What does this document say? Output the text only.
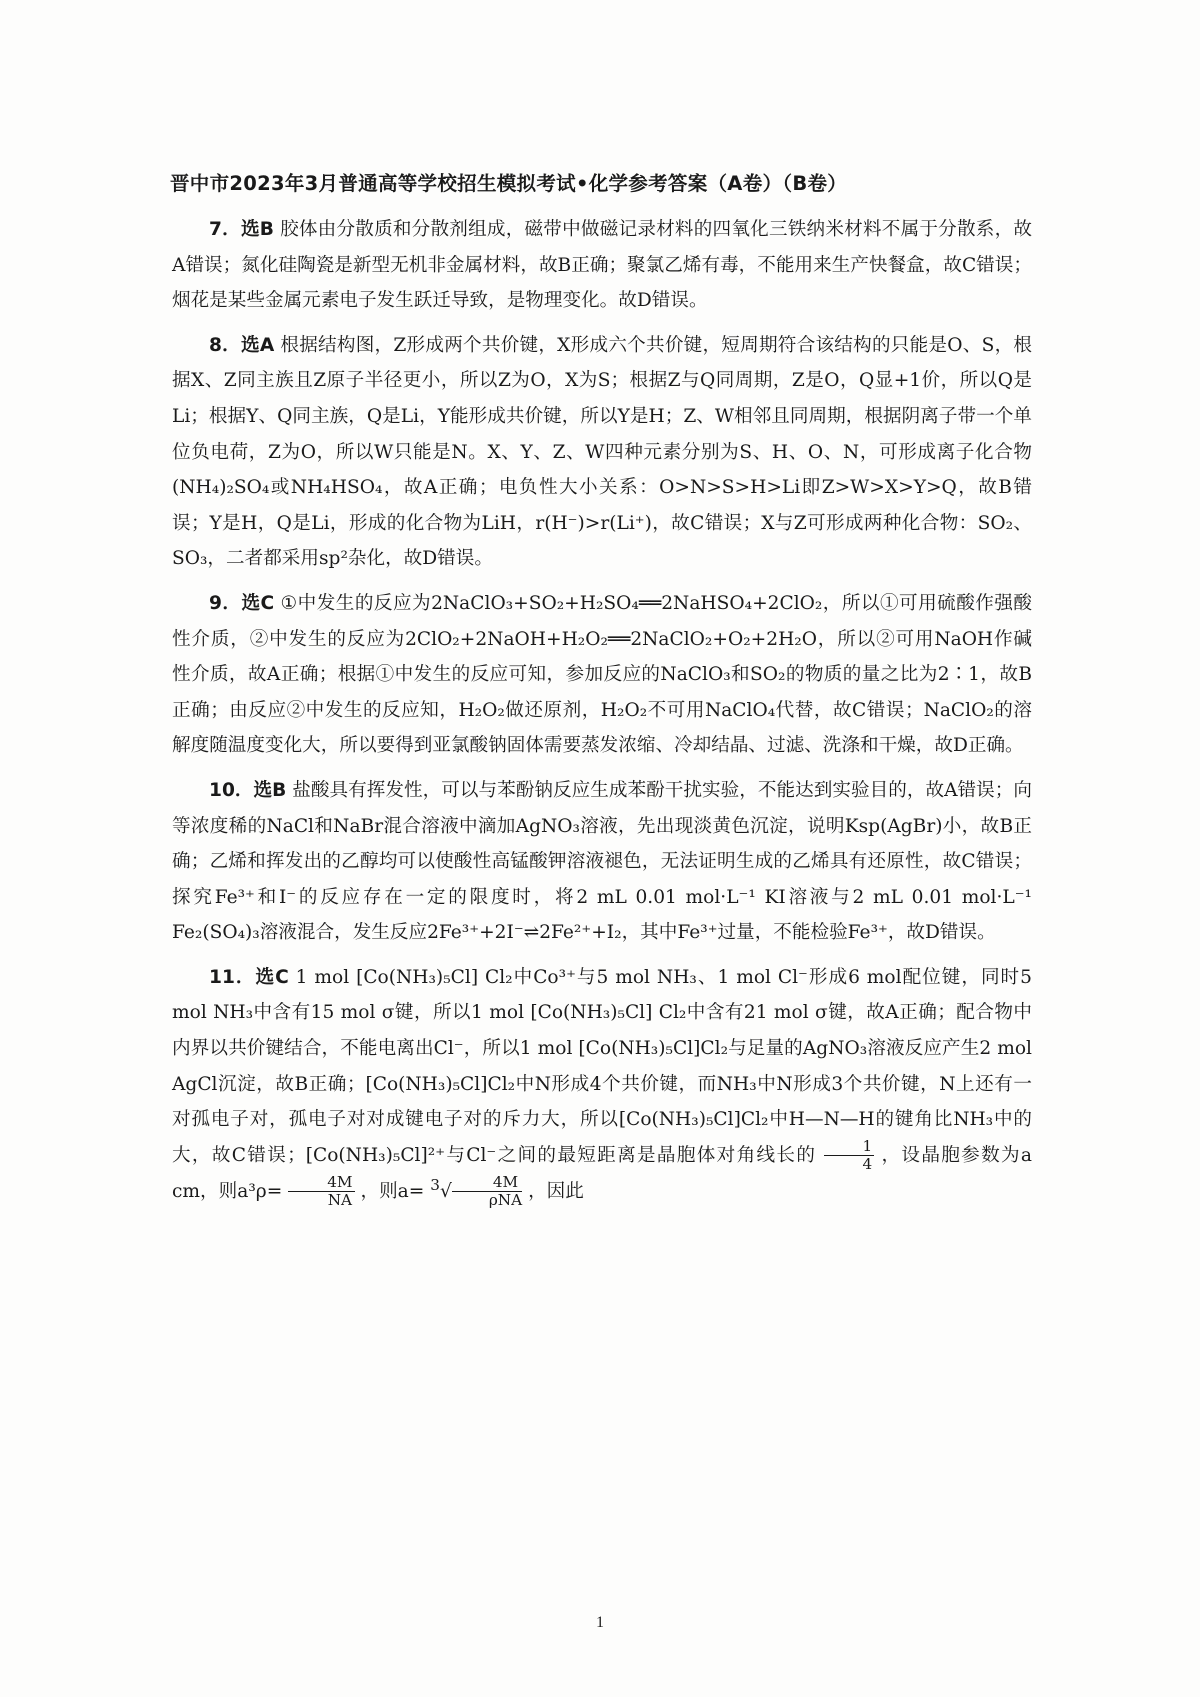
晋中市2023年3月普通高等学校招生模拟考试•化学参考答案（A卷）（B卷）

7．选B 胶体由分散质和分散剂组成，磁带中做磁记录材料的四氧化三铁纳米材料不属于分散系，故A错误；氮化硅陶瓷是新型无机非金属材料，故B正确；聚氯乙烯有毒，不能用来生产快餐盒，故C错误；烟花是某些金属元素电子发生跃迁导致，是物理变化。故D错误。

8．选A 根据结构图，Z形成两个共价键，X形成六个共价键，短周期符合该结构的只能是O、S，根据X、Z同主族且Z原子半径更小，所以Z为O，X为S；根据Z与Q同周期，Z是O，Q显+1价，所以Q是Li；根据Y、Q同主族，Q是Li，Y能形成共价键，所以Y是H；Z、W相邻且同周期，根据阴离子带一个单位负电荷，Z为O，所以W只能是N。X、Y、Z、W四种元素分别为S、H、O、N，可形成离子化合物(NH₄)₂SO₄或NH₄HSO₄，故A正确；电负性大小关系：O>N>S>H>Li即Z>W>X>Y>Q，故B错误；Y是H，Q是Li，形成的化合物为LiH，r(H⁻)>r(Li⁺)，故C错误；X与Z可形成两种化合物：SO₂、SO₃，二者都采用sp²杂化，故D错误。

9．选C ①中发生的反应为2NaClO₃+SO₂+H₂SO₄══2NaHSO₄+2ClO₂，所以①可用硫酸作强酸性介质，②中发生的反应为2ClO₂+2NaOH+H₂O₂══2NaClO₂+O₂+2H₂O，所以②可用NaOH作碱性介质，故A正确；根据①中发生的反应可知，参加反应的NaClO₃和SO₂的物质的量之比为2∶1，故B正确；由反应②中发生的反应知，H₂O₂做还原剂，H₂O₂不可用NaClO₄代替，故C错误；NaClO₂的溶解度随温度变化大，所以要得到亚氯酸钠固体需要蒸发浓缩、冷却结晶、过滤、洗涤和干燥，故D正确。

10．选B 盐酸具有挥发性，可以与苯酚钠反应生成苯酚干扰实验，不能达到实验目的，故A错误；向等浓度稀的NaCl和NaBr混合溶液中滴加AgNO₃溶液，先出现淡黄色沉淀，说明Ksp(AgBr)小，故B正确；乙烯和挥发出的乙醇均可以使酸性高锰酸钾溶液褪色，无法证明生成的乙烯具有还原性，故C错误；探究Fe³⁺和I⁻的反应存在一定的限度时，将2 mL 0.01 mol·L⁻¹ KI溶液与2 mL 0.01 mol·L⁻¹ Fe₂(SO₄)₃溶液混合，发生反应2Fe³⁺+2I⁻⇌2Fe²⁺+I₂，其中Fe³⁺过量，不能检验Fe³⁺，故D错误。

11．选C 1 mol [Co(NH₃)₅Cl] Cl₂中Co³⁺与5 mol NH₃、1 mol Cl⁻形成6 mol配位键，同时5 mol NH₃中含有15 mol σ键，所以1 mol [Co(NH₃)₅Cl] Cl₂中含有21 mol σ键，故A正确；配合物中内界以共价键结合，不能电离出Cl⁻，所以1 mol [Co(NH₃)₅Cl]Cl₂与足量的AgNO₃溶液反应产生2 mol AgCl沉淀，故B正确；[Co(NH₃)₅Cl]Cl₂中N形成4个共价键，而NH₃中N形成3个共价键，N上还有一对孤电子对，孤电子对对成键电子对的斥力大，所以[Co(NH₃)₅Cl]Cl₂中H—N—H的键角比NH₃中的大，故C错误；[Co(NH₃)₅Cl]²⁺与Cl⁻之间的最短距离是晶胞体对角线长的 $\frac{1}{4}$ ，设晶胞参数为a cm，则$a^3\rho= \frac{4M}{NA}$ ，则$a= ^3√ \frac{4M}{\text{ρNA}}$ ，因此

1
